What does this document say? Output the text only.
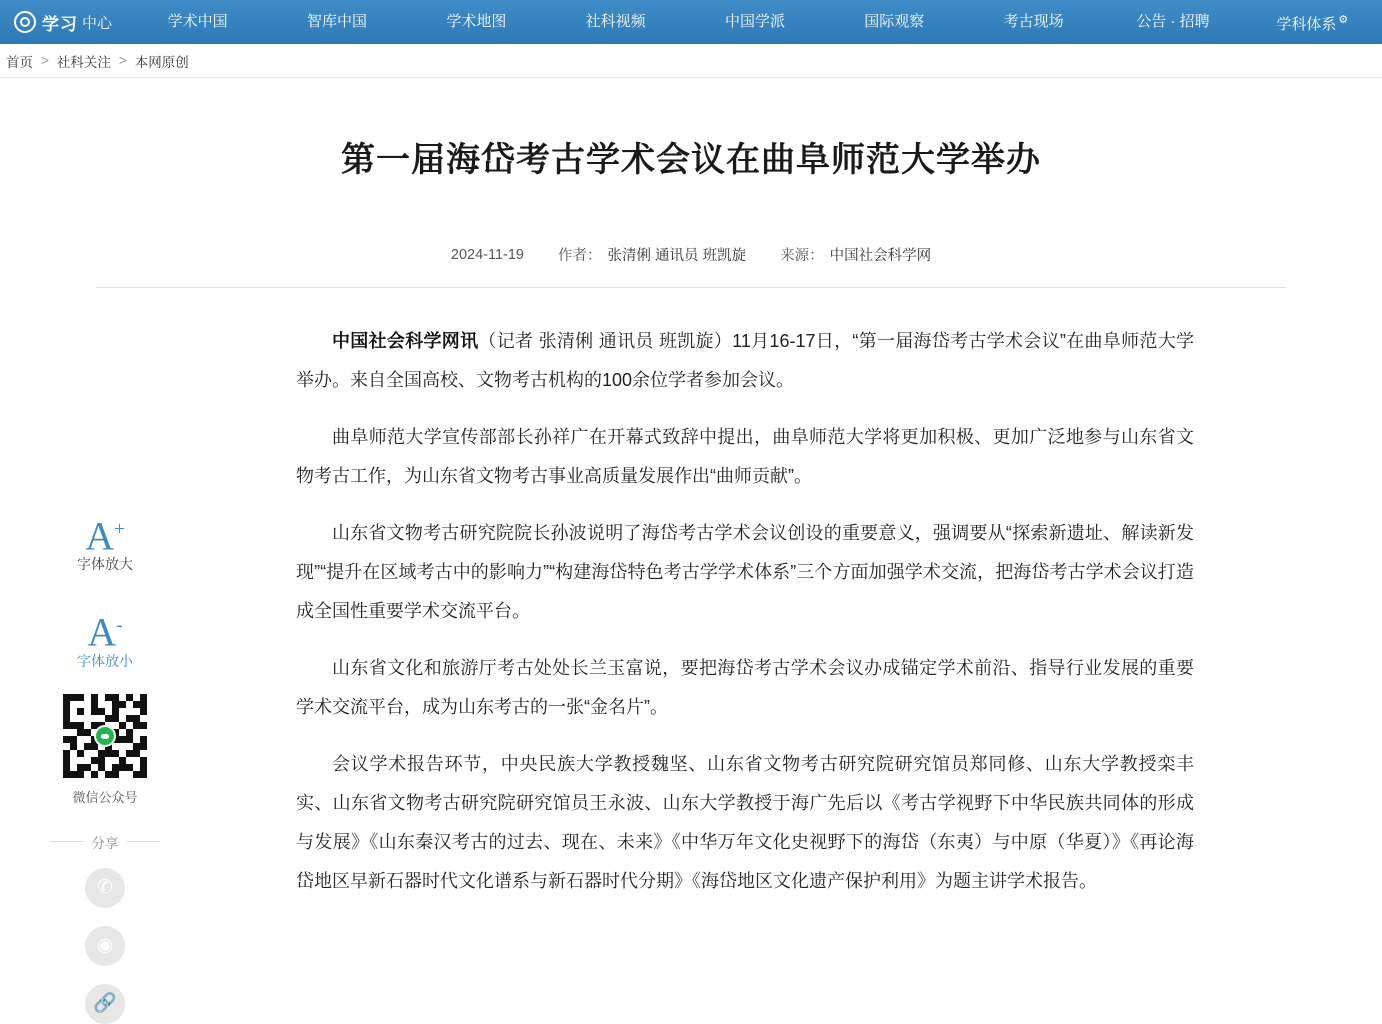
学习 中心	学术中国	智库中国	学术地图	社科视频	中国学派	国际观察	考古现场	公告 · 招聘	学科体系 ⚙
首页 > 社科关注 > 本网原创
第一届海岱考古学术会议在曲阜师范大学举办
2024-11-19 作者： 张清俐 通讯员 班凯旋 来源： 中国社会科学网

中国社会科学网讯（记者 张清俐 通讯员 班凯旋）11月16-17日，“第一届海岱考古学术会议”在曲阜师范大学举办。来自全国高校、文物考古机构的100余位学者参加会议。

曲阜师范大学宣传部部长孙祥广在开幕式致辞中提出，曲阜师范大学将更加积极、更加广泛地参与山东省文物考古工作，为山东省文物考古事业高质量发展作出“曲师贡献”。

山东省文物考古研究院院长孙波说明了海岱考古学术会议创设的重要意义，强调要从“探索新遗址、解读新发现”“提升在区域考古中的影响力”“构建海岱特色考古学学术体系”三个方面加强学术交流，把海岱考古学术会议打造成全国性重要学术交流平台。

山东省文化和旅游厅考古处处长兰玉富说，要把海岱考古学术会议办成锚定学术前沿、指导行业发展的重要学术交流平台，成为山东考古的一张“金名片”。

会议学术报告环节，中央民族大学教授魏坚、山东省文物考古研究院研究馆员郑同修、山东大学教授栾丰实、山东省文物考古研究院研究馆员王永波、山东大学教授于海广先后以《考古学视野下中华民族共同体的形成与发展》《山东秦汉考古的过去、现在、未来》《中华万年文化史视野下的海岱（东夷）与中原（华夏）》《再论海岱地区早新石器时代文化谱系与新石器时代分期》《海岱地区文化遗产保护利用》为题主讲学术报告。

A+
字体放大
A-
字体放小
微信公众号
分享
✆
◉
🔗
